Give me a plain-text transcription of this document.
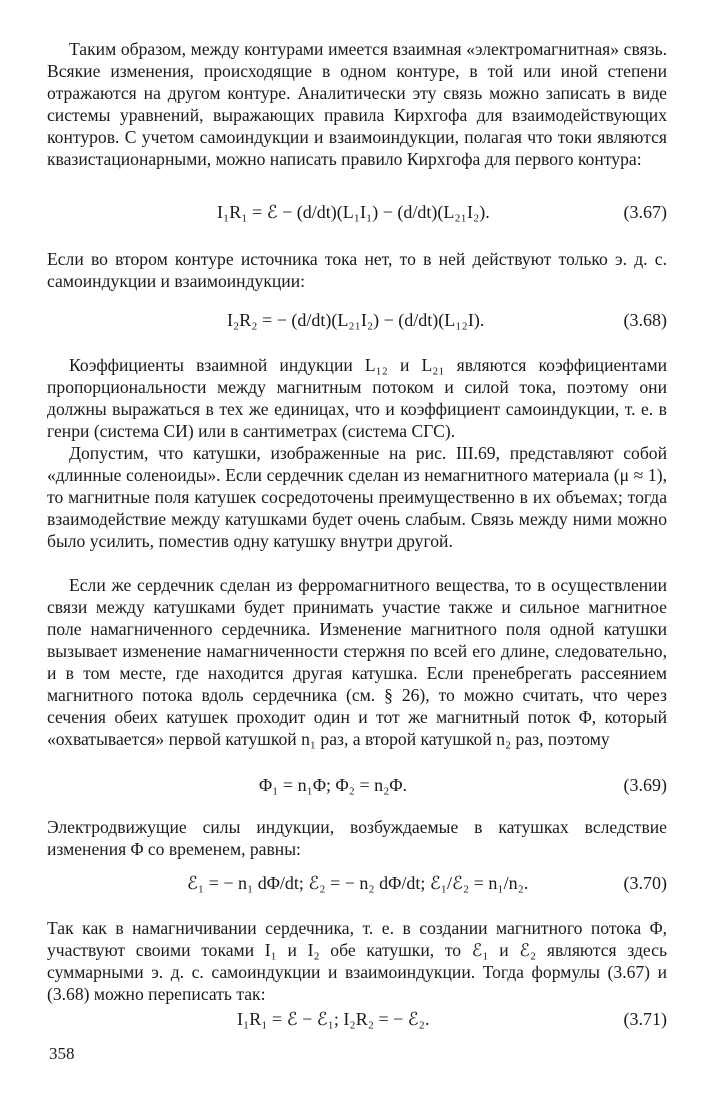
Таким образом, между контурами имеется взаимная «электромагнитная» связь. Всякие изменения, происходящие в одном контуре, в той или иной степени отражаются на другом контуре. Аналитически эту связь можно записать в виде системы уравнений, выражающих правила Кирхгофа для взаимодействующих контуров. С учетом самоиндукции и взаимоиндукции, полагая что токи являются квазистационарными, можно написать правило Кирхгофа для первого контура:

I₁R₁ = ℰ − (d/dt)(L₁I₁) − (d/dt)(L₂₁I₂).	(3.67)

Если во втором контуре источника тока нет, то в ней действуют только э. д. с. самоиндукции и взаимоиндукции:

I₂R₂ = − (d/dt)(L₂₁I₂) − (d/dt)(L₁₂I).	(3.68)

Коэффициенты взаимной индукции L₁₂ и L₂₁ являются коэффициентами пропорциональности между магнитным потоком и силой тока, поэтому они должны выражаться в тех же единицах, что и коэффициент самоиндукции, т. е. в генри (система СИ) или в сантиметрах (система СГС).

Допустим, что катушки, изображенные на рис. III.69, представляют собой «длинные соленоиды». Если сердечник сделан из немагнитного материала (μ ≈ 1), то магнитные поля катушек сосредоточены преимущественно в их объемах; тогда взаимодействие между катушками будет очень слабым. Связь между ними можно было усилить, поместив одну катушку внутри другой.

Если же сердечник сделан из ферромагнитного вещества, то в осуществлении связи между катушками будет принимать участие также и сильное магнитное поле намагниченного сердечника. Изменение магнитного поля одной катушки вызывает изменение намагниченности стержня по всей его длине, следовательно, и в том месте, где находится другая катушка. Если пренебрегать рассеянием магнитного потока вдоль сердечника (см. § 26), то можно считать, что через сечения обеих катушек проходит один и тот же магнитный поток Φ, который «охватывается» первой катушкой n₁ раз, а второй катушкой n₂ раз, поэтому

Φ₁ = n₁Φ; Φ₂ = n₂Φ.	(3.69)

Электродвижущие силы индукции, возбуждаемые в катушках вследствие изменения Φ со временем, равны:

ℰ₁ = − n₁ dΦ/dt; ℰ₂ = − n₂ dΦ/dt; ℰ₁/ℰ₂ = n₁/n₂.	(3.70)

Так как в намагничивании сердечника, т. е. в создании магнитного потока Φ, участвуют своими токами I₁ и I₂ обе катушки, то ℰ₁ и ℰ₂ являются здесь суммарными э. д. с. самоиндукции и взаимоиндукции. Тогда формулы (3.67) и (3.68) можно переписать так:

I₁R₁ = ℰ − ℰ₁; I₂R₂ = − ℰ₂.	(3.71)
358
